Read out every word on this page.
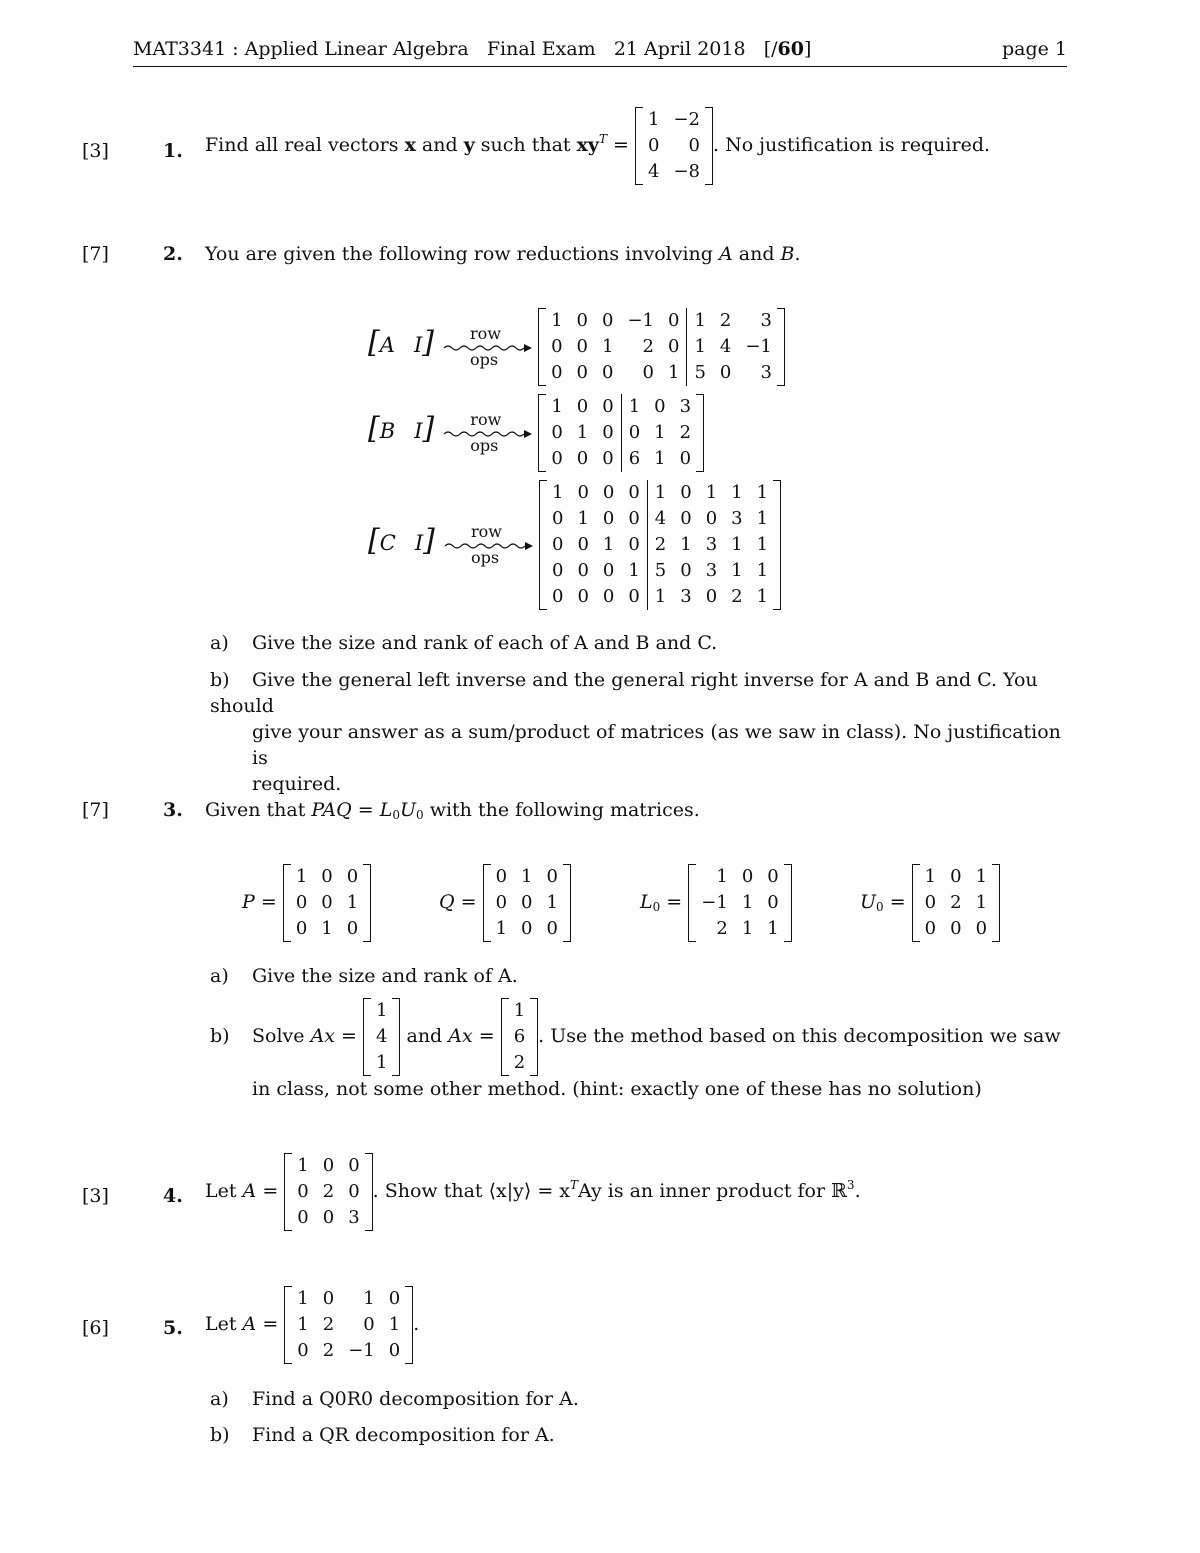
MAT3341 : Applied Linear Algebra Final Exam 21 April 2018 [/60]	page 1
[3]	1. Find all real vectors x and y such that $xy^T$ =
1	−2
0	0
4	−8
. No justification is required.
[7]	2. You are given the following row reductions involving A and B.
[A I] row
ops

1	0	0	−1	0	1	2	3
0	0	1	2	0	1	4	−1
0	0	0	0	1	5	0	3
[B I] row
ops

1	0	0	1	0	3
0	1	0	0	1	2
0	0	0	6	1	0
[C I] row
ops

1	0	0	0	1	0	1	1	1
0	1	0	0	4	0	0	3	1
0	0	1	0	2	1	3	1	1
0	0	0	1	5	0	3	1	1
0	0	0	0	1	3	0	2	1
a) Give the size and rank of each of A and B and C.
b) Give the general left inverse and the general right inverse for A and B and C. You should
give your answer as a sum/product of matrices (as we saw in class). No justification is
required.
[7]	3. Given that PAQ = $L_0U_0$ with the following matrices.
P =
1	0	0
0	0	1
0	1	0
Q =
0	1	0
0	0	1
1	0	0
$L_0$ =
1	0	0
−1	1	0
2	1	1
$U_0$ =
1	0	1
0	2	1
0	0	0
a) Give the size and rank of A.
b) Solve Ax =
1
4
1
and Ax =
1
6
2
. Use the method based on this decomposition we saw
in class, not some other method. (hint: exactly one of these has no solution)
[3]	4. Let A =
1	0	0
0	2	0
0	0	3
. Show that ⟨x|y⟩ = $x^TAy$ is an inner product for ℝ$^3$.
[6]	5. Let A =
1	0	1	0
1	2	0	1
0	2	−1	0
.
a) Find a Q0R0 decomposition for A.
b) Find a QR decomposition for A.
